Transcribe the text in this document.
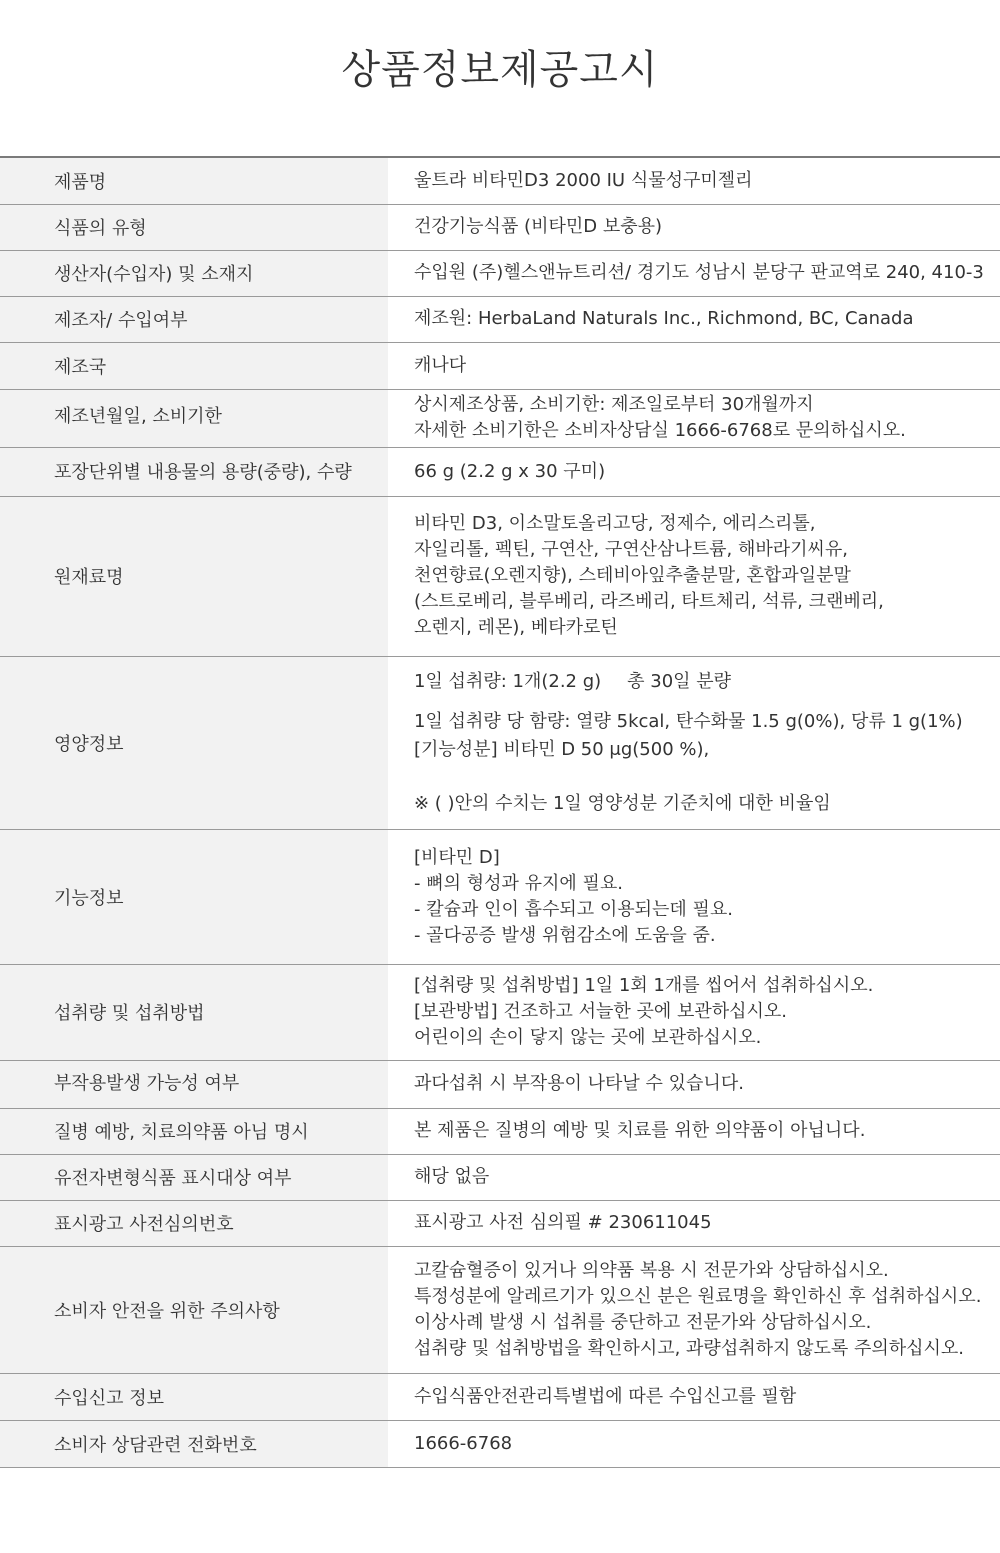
상품정보제공고시
제품명	울트라 비타민D3 2000 IU 식물성구미젤리

식품의 유형	건강기능식품 (비타민D 보충용)

생산자(수입자) 및 소재지	수입원 (주)헬스앤뉴트리션/ 경기도 성남시 분당구 판교역로 240, 410-3

제조자/ 수입여부	제조원: HerbaLand Naturals Inc., Richmond, BC, Canada

제조국	캐나다

제조년월일, 소비기한	상시제조상품, 소비기한: 제조일로부터 30개월까지
자세한 소비기한은 소비자상담실 1666-6768로 문의하십시오.

포장단위별 내용물의 용량(중량), 수량	66 g (2.2 g x 30 구미)

원재료명	비타민 D3, 이소말토올리고당, 정제수, 에리스리톨,
자일리톨, 펙틴, 구연산, 구연산삼나트륨, 해바라기씨유,
천연향료(오렌지향), 스테비아잎추출분말, 혼합과일분말
(스트로베리, 블루베리, 라즈베리, 타트체리, 석류, 크랜베리,
오렌지, 레몬), 베타카로틴

영양정보	1일 섭취량: 1개(2.2 g) 총 30일 분량
1일 섭취량 당 함량: 열량 5kcal, 탄수화물 1.5 g(0%), 당류 1 g(1%)
[기능성분] 비타민 D 50 μg(500 %),
※ ( )안의 수치는 1일 영양성분 기준치에 대한 비율임

기능정보	[비타민 D]
- 뼈의 형성과 유지에 필요.
- 칼슘과 인이 흡수되고 이용되는데 필요.
- 골다공증 발생 위험감소에 도움을 줌.

섭취량 및 섭취방법	[섭취량 및 섭취방법] 1일 1회 1개를 씹어서 섭취하십시오.
[보관방법] 건조하고 서늘한 곳에 보관하십시오.
어린이의 손이 닿지 않는 곳에 보관하십시오.

부작용발생 가능성 여부	과다섭취 시 부작용이 나타날 수 있습니다.

질병 예방, 치료의약품 아님 명시	본 제품은 질병의 예방 및 치료를 위한 의약품이 아닙니다.

유전자변형식품 표시대상 여부	해당 없음

표시광고 사전심의번호	표시광고 사전 심의필 # 230611045

소비자 안전을 위한 주의사항	고칼슘혈증이 있거나 의약품 복용 시 전문가와 상담하십시오.
특정성분에 알레르기가 있으신 분은 원료명을 확인하신 후 섭취하십시오.
이상사례 발생 시 섭취를 중단하고 전문가와 상담하십시오.
섭취량 및 섭취방법을 확인하시고, 과량섭취하지 않도록 주의하십시오.

수입신고 정보	수입식품안전관리특별법에 따른 수입신고를 필함

소비자 상담관련 전화번호	1666-6768
